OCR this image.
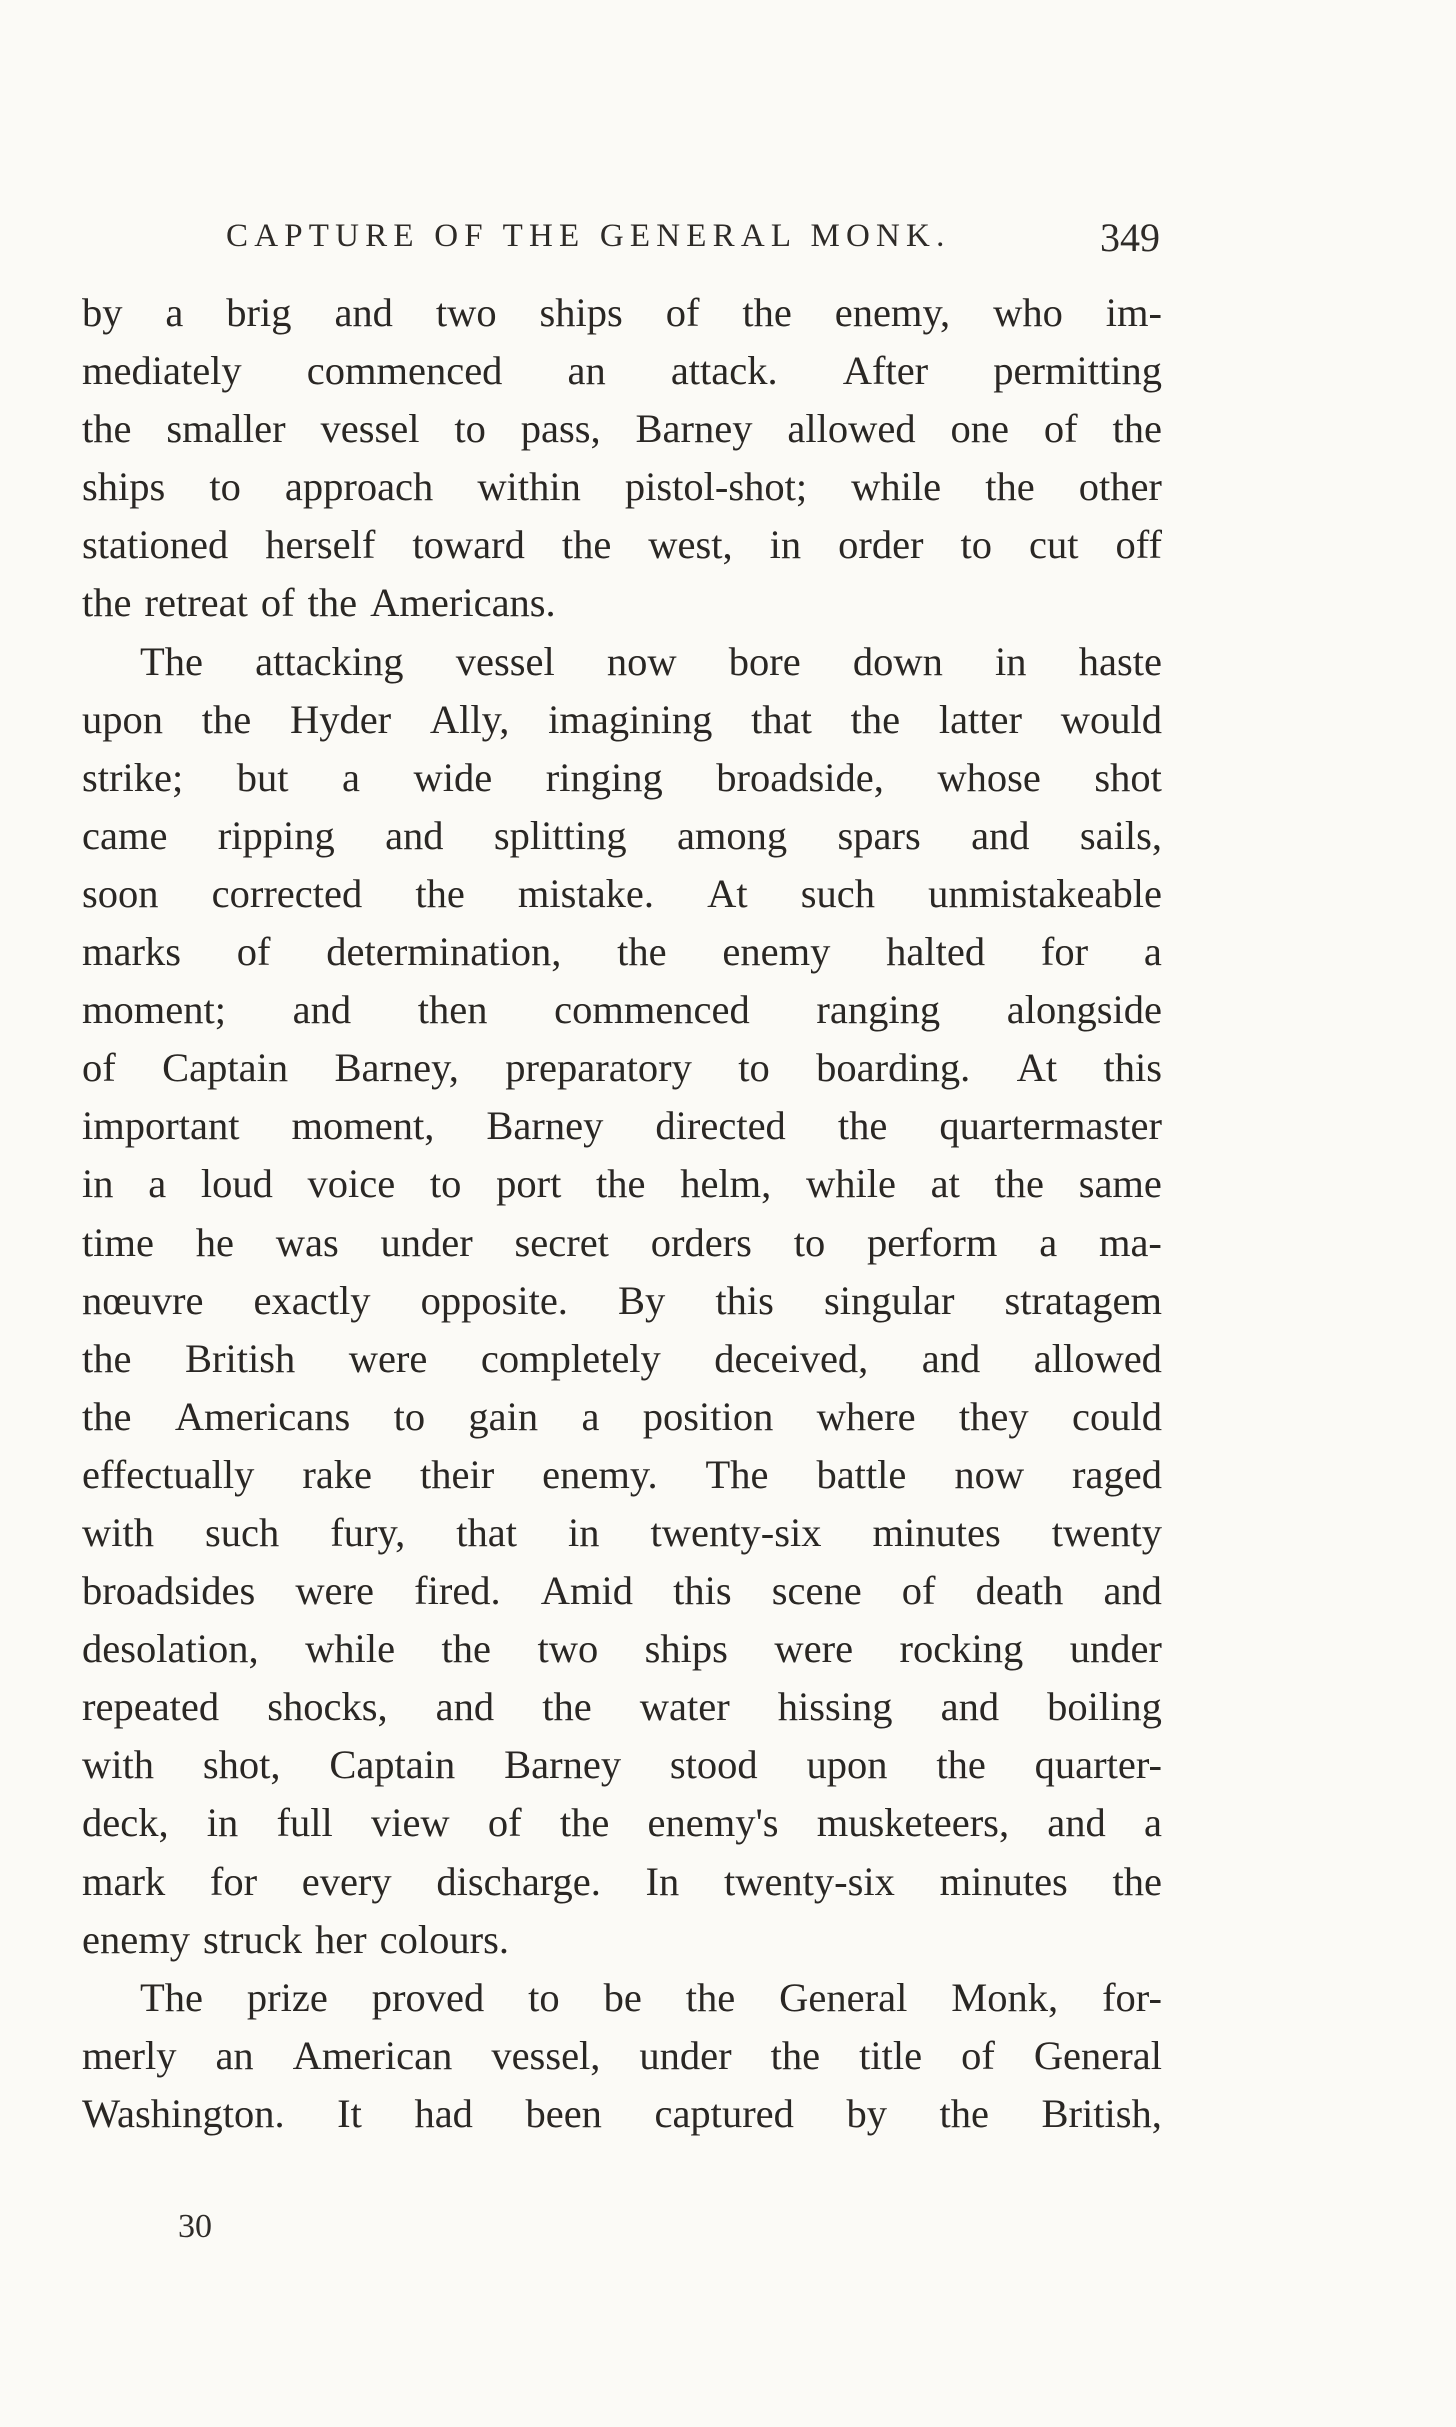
CAPTURE OF THE GENERAL MONK.	349
by a brig and two ships of the enemy, who im-
mediately commenced an attack. After permitting
the smaller vessel to pass, Barney allowed one of the
ships to approach within pistol-shot; while the other
stationed herself toward the west, in order to cut off
the retreat of the Americans.
The attacking vessel now bore down in haste
upon the Hyder Ally, imagining that the latter would
strike; but a wide ringing broadside, whose shot
came ripping and splitting among spars and sails,
soon corrected the mistake. At such unmistakeable
marks of determination, the enemy halted for a
moment; and then commenced ranging alongside
of Captain Barney, preparatory to boarding. At this
important moment, Barney directed the quartermaster
in a loud voice to port the helm, while at the same
time he was under secret orders to perform a ma-
nœuvre exactly opposite. By this singular stratagem
the British were completely deceived, and allowed
the Americans to gain a position where they could
effectually rake their enemy. The battle now raged
with such fury, that in twenty-six minutes twenty
broadsides were fired. Amid this scene of death and
desolation, while the two ships were rocking under
repeated shocks, and the water hissing and boiling
with shot, Captain Barney stood upon the quarter-
deck, in full view of the enemy's musketeers, and a
mark for every discharge. In twenty-six minutes the
enemy struck her colours.
The prize proved to be the General Monk, for-
merly an American vessel, under the title of General
Washington. It had been captured by the British,
30
